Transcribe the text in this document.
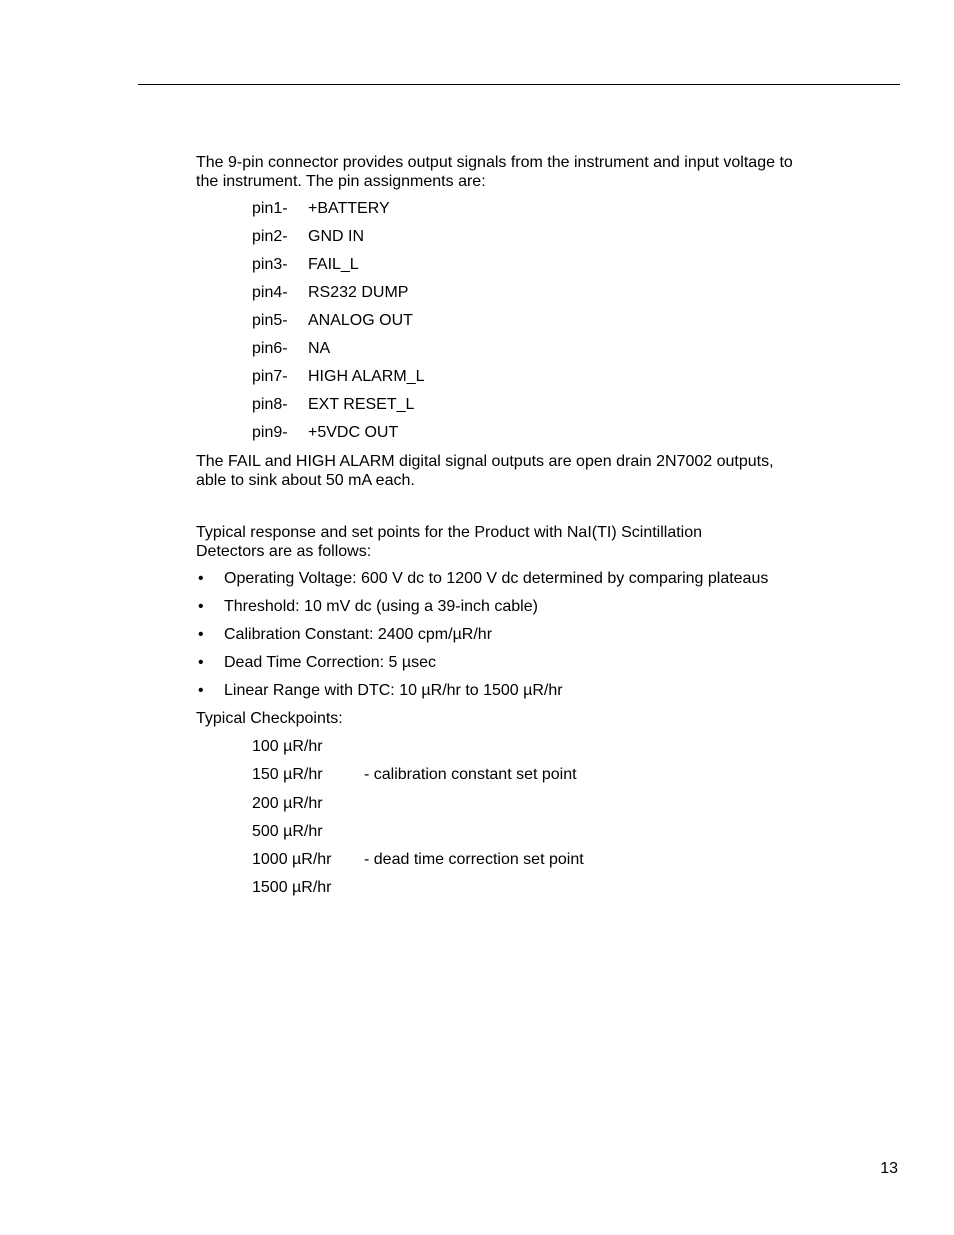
The 9-pin connector provides output signals from the instrument and input voltage to the instrument. The pin assignments are:

pin1- +BATTERY
pin2- GND IN
pin3- FAIL_L
pin4- RS232 DUMP
pin5- ANALOG OUT
pin6- NA
pin7- HIGH ALARM_L
pin8- EXT RESET_L
pin9- +5VDC OUT

The FAIL and HIGH ALARM digital signal outputs are open drain 2N7002 outputs, able to sink about 50 mA each.

Typical response and set points for the Product with NaI(TI) Scintillation Detectors are as follows:

• Operating Voltage: 600 V dc to 1200 V dc determined by comparing plateaus
• Threshold: 10 mV dc (using a 39-inch cable)
• Calibration Constant: 2400 cpm/µR/hr
• Dead Time Correction: 5 µsec
• Linear Range with DTC: 10 µR/hr to 1500 µR/hr
Typical Checkpoints:
100 µR/hr
150 µR/hr	- calibration constant set point
200 µR/hr
500 µR/hr
1000 µR/hr - dead time correction set point
1500 µR/hr
13
